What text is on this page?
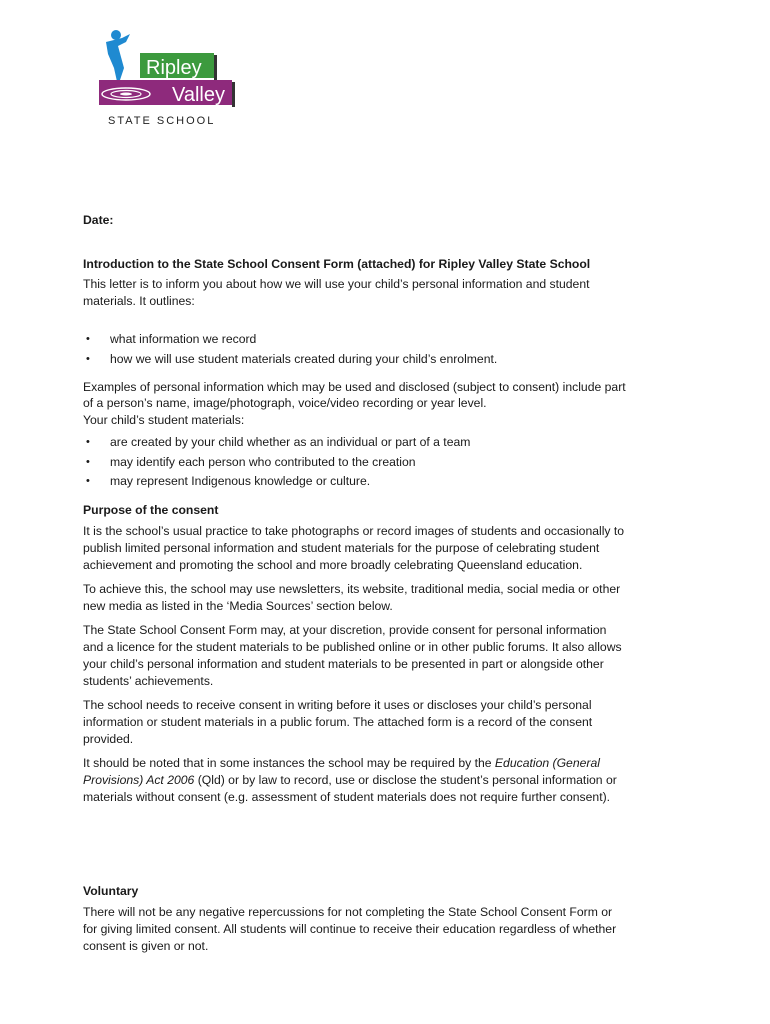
Ripley
Valley
STATE SCHOOL
Date:
Introduction to the State School Consent Form (attached) for Ripley Valley State School
This letter is to inform you about how we will use your child’s personal information and student
materials. It outlines:
• what information we record
• how we will use student materials created during your child’s enrolment.
Examples of personal information which may be used and disclosed (subject to consent) include part
of a person’s name, image/photograph, voice/video recording or year level.
Your child’s student materials:
• are created by your child whether as an individual or part of a team
• may identify each person who contributed to the creation
• may represent Indigenous knowledge or culture.
Purpose of the consent
It is the school’s usual practice to take photographs or record images of students and occasionally to
publish limited personal information and student materials for the purpose of celebrating student
achievement and promoting the school and more broadly celebrating Queensland education.
To achieve this, the school may use newsletters, its website, traditional media, social media or other
new media as listed in the ‘Media Sources’ section below.
The State School Consent Form may, at your discretion, provide consent for personal information
and a licence for the student materials to be published online or in other public forums. It also allows
your child’s personal information and student materials to be presented in part or alongside other
students’ achievements.
The school needs to receive consent in writing before it uses or discloses your child’s personal
information or student materials in a public forum. The attached form is a record of the consent
provided.
It should be noted that in some instances the school may be required by the Education (General
Provisions) Act 2006 (Qld) or by law to record, use or disclose the student’s personal information or
materials without consent (e.g. assessment of student materials does not require further consent).
Voluntary
There will not be any negative repercussions for not completing the State School Consent Form or
for giving limited consent. All students will continue to receive their education regardless of whether
consent is given or not.
